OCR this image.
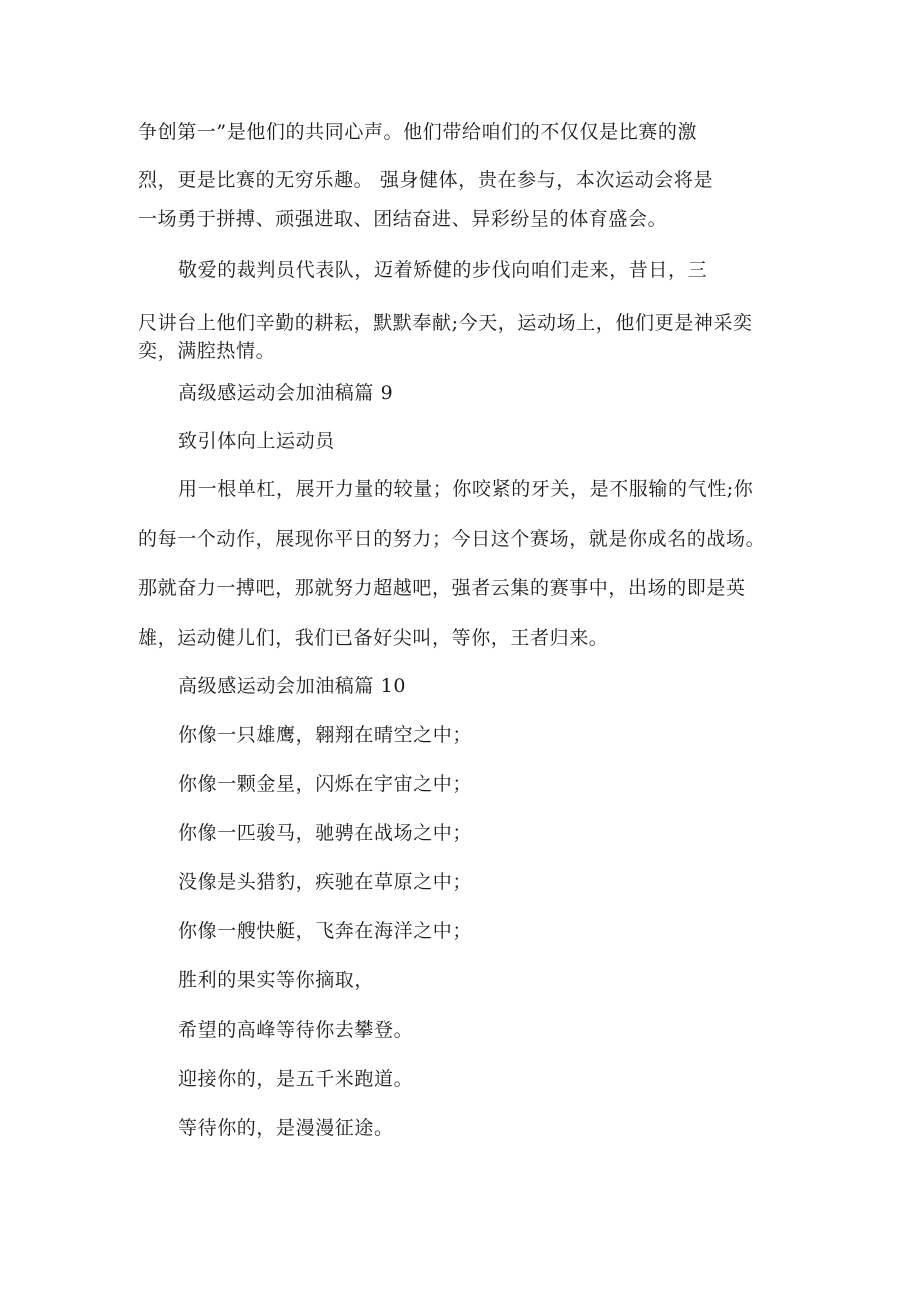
争创第一”是他们的共同心声。他们带给咱们的不仅仅是比赛的激
烈，更是比赛的无穷乐趣。 强身健体，贵在参与，本次运动会将是
一场勇于拼搏、顽强进取、团结奋进、异彩纷呈的体育盛会。
敬爱的裁判员代表队，迈着矫健的步伐向咱们走来，昔日，三
尺讲台上他们辛勤的耕耘，默默奉献;今天，运动场上，他们更是神采奕
奕，满腔热情。
高级感运动会加油稿篇 9
致引体向上运动员
用一根单杠，展开力量的较量；你咬紧的牙关，是不服输的气性;你
的每一个动作，展现你平日的努力；今日这个赛场，就是你成名的战场。
那就奋力一搏吧，那就努力超越吧，强者云集的赛事中，出场的即是英
雄，运动健儿们，我们已备好尖叫，等你，王者归来。
高级感运动会加油稿篇 10
你像一只雄鹰，翱翔在晴空之中；
你像一颗金星，闪烁在宇宙之中；
你像一匹骏马，驰骋在战场之中；
没像是头猎豹，疾驰在草原之中；
你像一艘快艇，飞奔在海洋之中；
胜利的果实等你摘取，
希望的高峰等待你去攀登。
迎接你的，是五千米跑道。
等待你的，是漫漫征途。
